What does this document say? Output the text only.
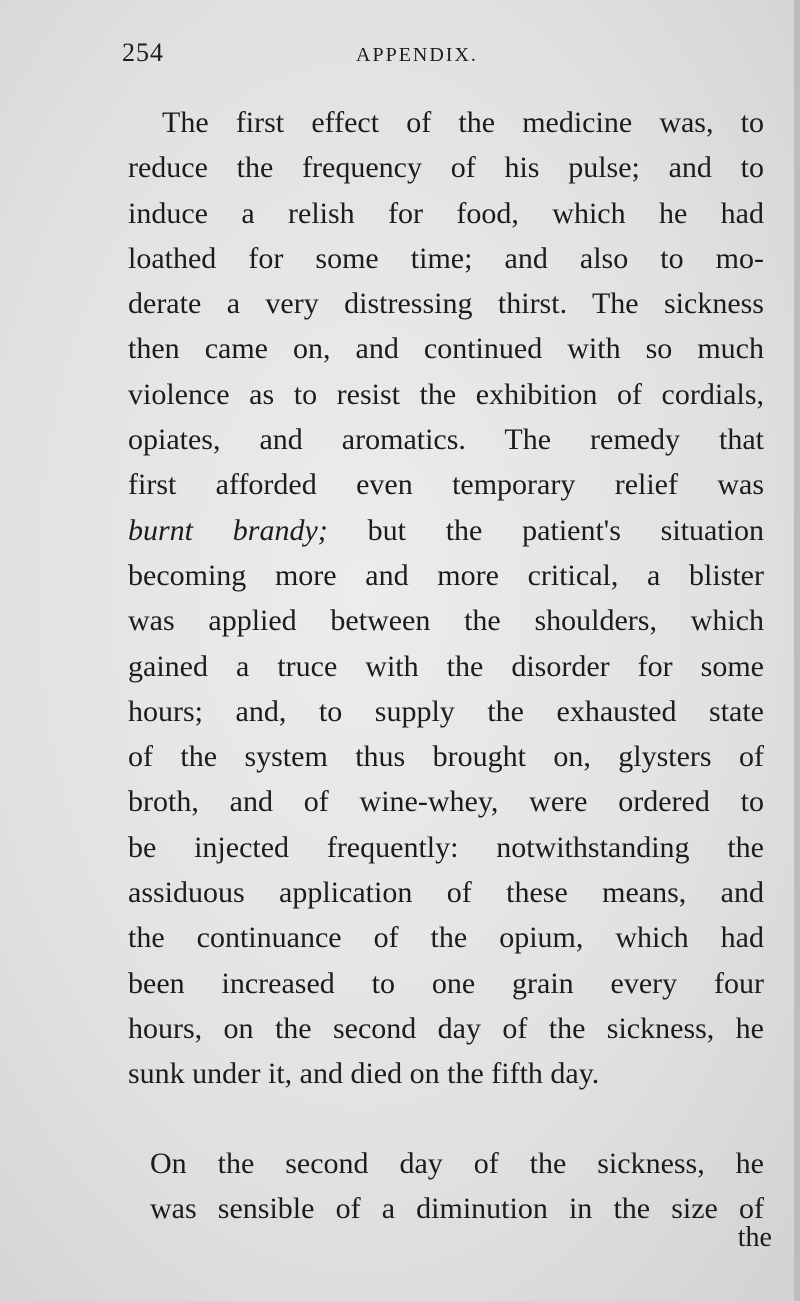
254	APPENDIX.
The first effect of the medicine was, to
reduce the frequency of his pulse; and to
induce a relish for food, which he had
loathed for some time; and also to mo-
derate a very distressing thirst. The sickness
then came on, and continued with so much
violence as to resist the exhibition of cordials,
opiates, and aromatics. The remedy that
first afforded even temporary relief was
burnt brandy; but the patient's situation
becoming more and more critical, a blister
was applied between the shoulders, which
gained a truce with the disorder for some
hours; and, to supply the exhausted state
of the system thus brought on, glysters of
broth, and of wine-whey, were ordered to
be injected frequently: notwithstanding the
assiduous application of these means, and
the continuance of the opium, which had
been increased to one grain every four
hours, on the second day of the sickness, he
sunk under it, and died on the fifth day.
On the second day of the sickness, he
was sensible of a diminution in the size of
the
